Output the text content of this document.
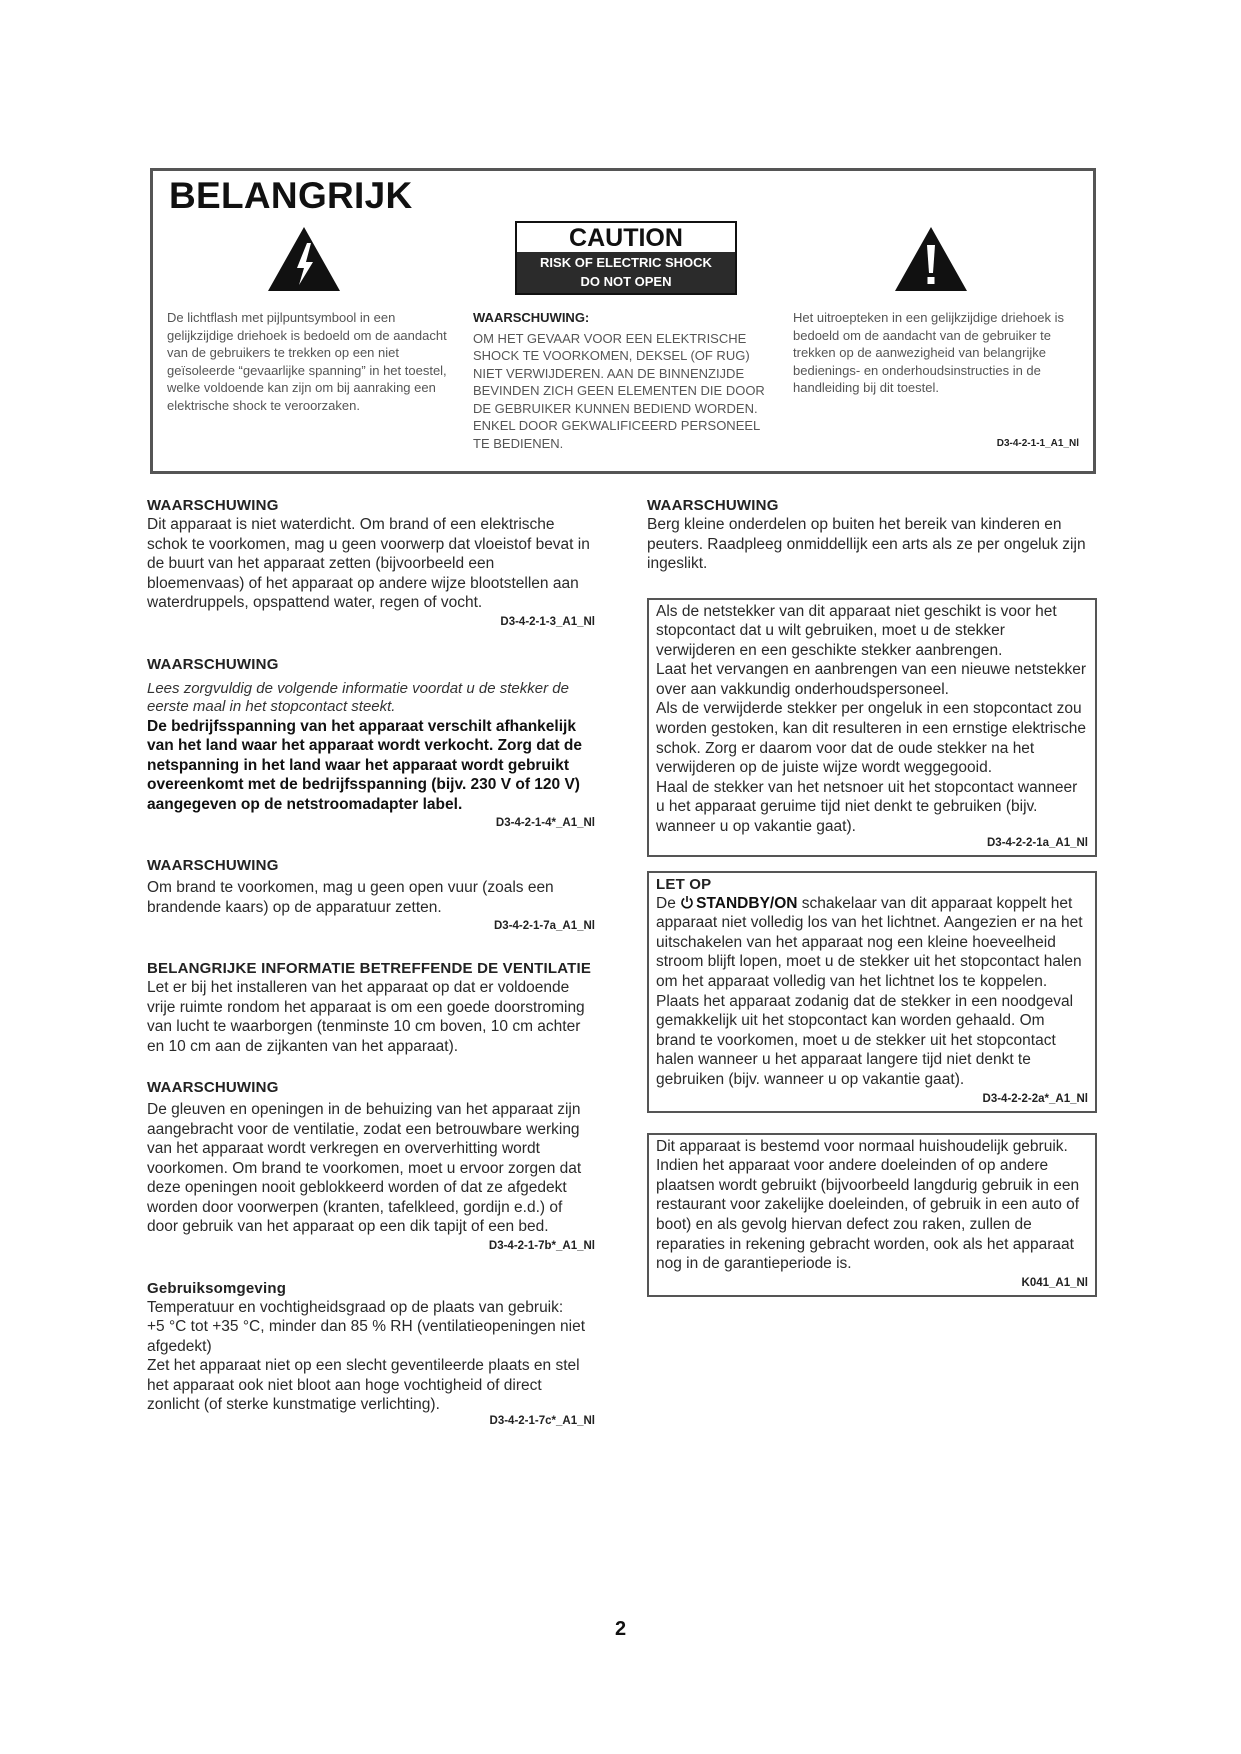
BELANGRIJK
CAUTION
RISK OF ELECTRIC SHOCK
DO NOT OPEN

De lichtflash met pijlpuntsymbool in een gelijkzijdige driehoek is bedoeld om de aandacht van de gebruikers te trekken op een niet geïsoleerde “gevaarlijke spanning” in het toestel, welke voldoende kan zijn om bij aanraking een elektrische shock te veroorzaken.

WAARSCHUWING:
OM HET GEVAAR VOOR EEN ELEKTRISCHE SHOCK TE VOORKOMEN, DEKSEL (OF RUG) NIET VERWIJDEREN. AAN DE BINNENZIJDE BEVINDEN ZICH GEEN ELEMENTEN DIE DOOR DE GEBRUIKER KUNNEN BEDIEND WORDEN. ENKEL DOOR GEKWALIFICEERD PERSONEEL TE BEDIENEN.

Het uitroepteken in een gelijkzijdige driehoek is bedoeld om de aandacht van de gebruiker te trekken op de aanwezigheid van belangrijke bedienings- en onderhoudsinstructies in de handleiding bij dit toestel.

D3-4-2-1-1_A1_Nl
WAARSCHUWING

Dit apparaat is niet waterdicht. Om brand of een elektrische schok te voorkomen, mag u geen voorwerp dat vloeistof bevat in de buurt van het apparaat zetten (bijvoorbeeld een bloemenvaas) of het apparaat op andere wijze blootstellen aan waterdruppels, opspattend water, regen of vocht.

D3-4-2-1-3_A1_Nl
WAARSCHUWING

Lees zorgvuldig de volgende informatie voordat u de stekker de eerste maal in het stopcontact steekt.

De bedrijfsspanning van het apparaat verschilt afhankelijk van het land waar het apparaat wordt verkocht. Zorg dat de netspanning in het land waar het apparaat wordt gebruikt overeenkomt met de bedrijfsspanning (bijv. 230 V of 120 V) aangegeven op de netstroomadapter label.

D3-4-2-1-4*_A1_Nl
WAARSCHUWING

Om brand te voorkomen, mag u geen open vuur (zoals een brandende kaars) op de apparatuur zetten.

D3-4-2-1-7a_A1_Nl
BELANGRIJKE INFORMATIE BETREFFENDE DE VENTILATIE

Let er bij het installeren van het apparaat op dat er voldoende vrije ruimte rondom het apparaat is om een goede doorstroming van lucht te waarborgen (tenminste 10 cm boven, 10 cm achter en 10 cm aan de zijkanten van het apparaat).

WAARSCHUWING

De gleuven en openingen in de behuizing van het apparaat zijn aangebracht voor de ventilatie, zodat een betrouwbare werking van het apparaat wordt verkregen en oververhitting wordt voorkomen. Om brand te voorkomen, moet u ervoor zorgen dat deze openingen nooit geblokkeerd worden of dat ze afgedekt worden door voorwerpen (kranten, tafelkleed, gordijn e.d.) of door gebruik van het apparaat op een dik tapijt of een bed.

D3-4-2-1-7b*_A1_Nl
Gebruiksomgeving

Temperatuur en vochtigheidsgraad op de plaats van gebruik:

+5 °C tot +35 °C, minder dan 85 % RH (ventilatieopeningen niet afgedekt)

Zet het apparaat niet op een slecht geventileerde plaats en stel het apparaat ook niet bloot aan hoge vochtigheid of direct zonlicht (of sterke kunstmatige verlichting).

D3-4-2-1-7c*_A1_Nl
WAARSCHUWING

Berg kleine onderdelen op buiten het bereik van kinderen en peuters. Raadpleeg onmiddellijk een arts als ze per ongeluk zijn ingeslikt.

Als de netstekker van dit apparaat niet geschikt is voor het stopcontact dat u wilt gebruiken, moet u de stekker verwijderen en een geschikte stekker aanbrengen.

Laat het vervangen en aanbrengen van een nieuwe netstekker over aan vakkundig onderhoudspersoneel.

Als de verwijderde stekker per ongeluk in een stopcontact zou worden gestoken, kan dit resulteren in een ernstige elektrische schok. Zorg er daarom voor dat de oude stekker na het verwijderen op de juiste wijze wordt weggegooid.

Haal de stekker van het netsnoer uit het stopcontact wanneer u het apparaat geruime tijd niet denkt te gebruiken (bijv. wanneer u op vakantie gaat).

D3-4-2-2-1a_A1_Nl
LET OP

De STANDBY/ON schakelaar van dit apparaat koppelt het apparaat niet volledig los van het lichtnet. Aangezien er na het uitschakelen van het apparaat nog een kleine hoeveelheid stroom blijft lopen, moet u de stekker uit het stopcontact halen om het apparaat volledig van het lichtnet los te koppelen. Plaats het apparaat zodanig dat de stekker in een noodgeval gemakkelijk uit het stopcontact kan worden gehaald. Om brand te voorkomen, moet u de stekker uit het stopcontact halen wanneer u het apparaat langere tijd niet denkt te gebruiken (bijv. wanneer u op vakantie gaat).

D3-4-2-2-2a*_A1_Nl

Dit apparaat is bestemd voor normaal huishoudelijk gebruik. Indien het apparaat voor andere doeleinden of op andere plaatsen wordt gebruikt (bijvoorbeeld langdurig gebruik in een restaurant voor zakelijke doeleinden, of gebruik in een auto of boot) en als gevolg hiervan defect zou raken, zullen de reparaties in rekening gebracht worden, ook als het apparaat nog in de garantieperiode is.

K041_A1_Nl
2
